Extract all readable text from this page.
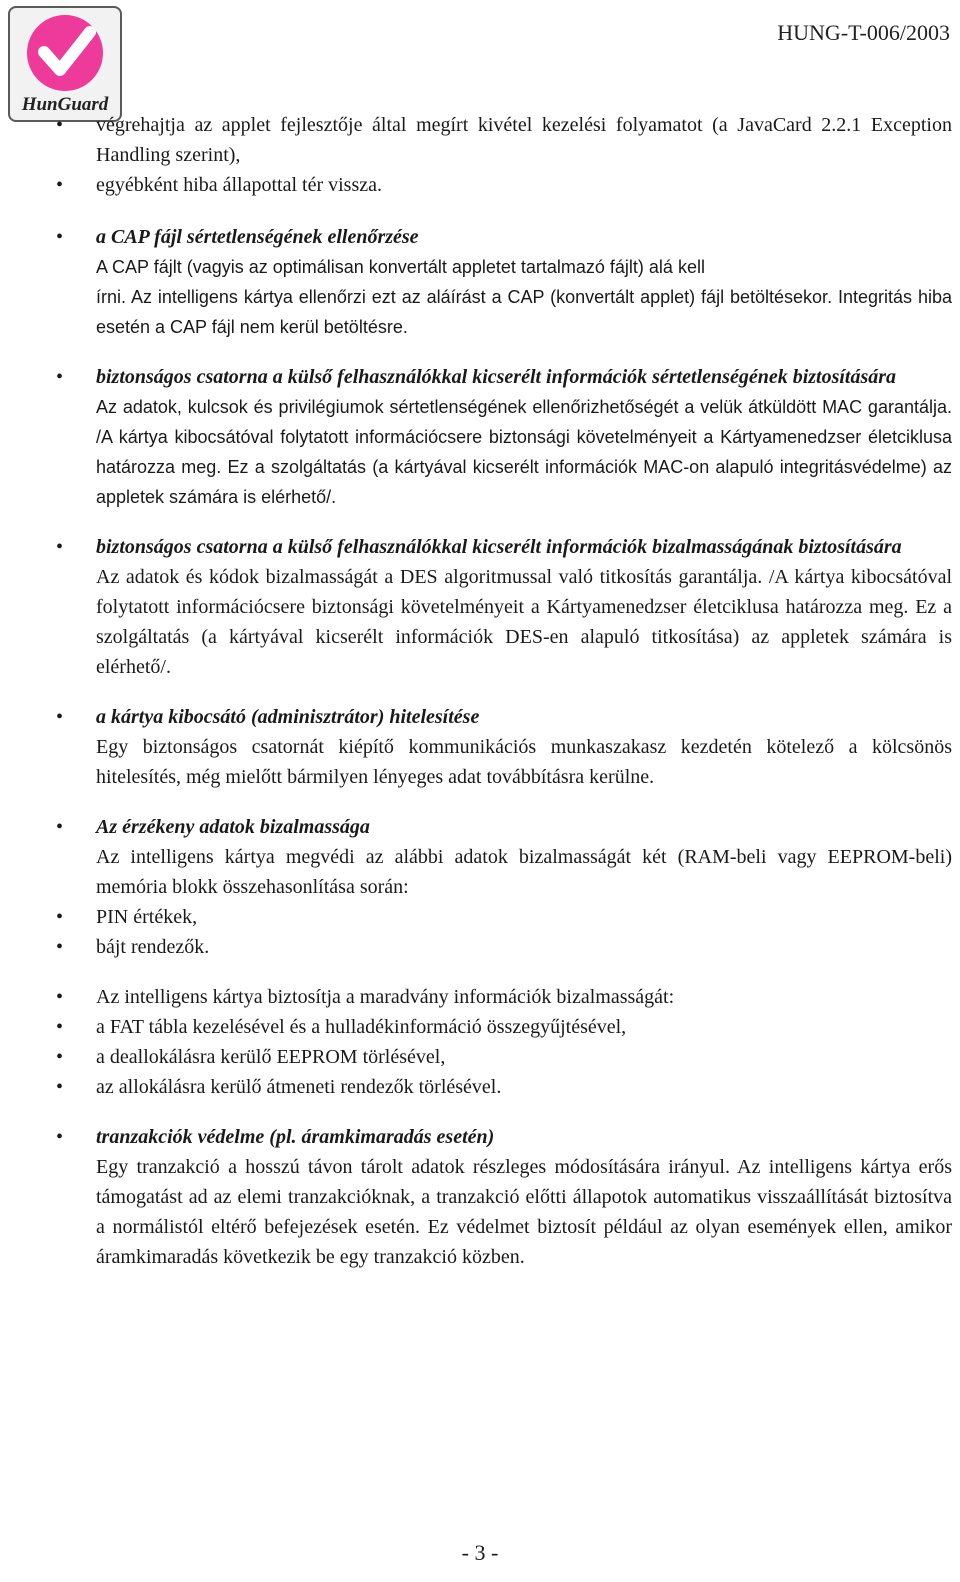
HunGuard
HUNG-T-006/2003
• végrehajtja az applet fejlesztője által megírt kivétel kezelési folyamatot (a JavaCard 2.2.1 Exception Handling szerint),
• egyébként hiba állapottal tér vissza.
• a CAP fájl sértetlenségének ellenőrzése
A CAP fájlt (vagyis az optimálisan konvertált appletet tartalmazó fájlt) alá kell
írni. Az intelligens kártya ellenőrzi ezt az aláírást a CAP (konvertált applet) fájl betöltésekor. Integritás hiba esetén a CAP fájl nem kerül betöltésre.
• biztonságos csatorna a külső felhasználókkal kicserélt információk sértetlenségének biztosítására
Az adatok, kulcsok és privilégiumok sértetlenségének ellenőrizhetőségét a velük átküldött MAC garantálja. /A kártya kibocsátóval folytatott információcsere biztonsági követelményeit a Kártyamenedzser életciklusa határozza meg. Ez a szolgáltatás (a kártyával kicserélt információk MAC-on alapuló integritásvédelme) az appletek számára is elérhető/.
• biztonságos csatorna a külső felhasználókkal kicserélt információk bizalmasságának biztosítására
Az adatok és kódok bizalmasságát a DES algoritmussal való titkosítás garantálja. /A kártya kibocsátóval folytatott információcsere biztonsági követelményeit a Kártyamenedzser életciklusa határozza meg. Ez a szolgáltatás (a kártyával kicserélt információk DES-en alapuló titkosítása) az appletek számára is elérhető/.
• a kártya kibocsátó (adminisztrátor) hitelesítése
Egy biztonságos csatornát kiépítő kommunikációs munkaszakasz kezdetén kötelező a kölcsönös hitelesítés, még mielőtt bármilyen lényeges adat továbbításra kerülne.
• Az érzékeny adatok bizalmassága
Az intelligens kártya megvédi az alábbi adatok bizalmasságát két (RAM-beli vagy EEPROM-beli) memória blokk összehasonlítása során:
• PIN értékek,
• bájt rendezők.
• Az intelligens kártya biztosítja a maradvány információk bizalmasságát:
• a FAT tábla kezelésével és a hulladékinformáció összegyűjtésével,
• a deallokálásra kerülő EEPROM törlésével,
• az allokálásra kerülő átmeneti rendezők törlésével.
• tranzakciók védelme (pl. áramkimaradás esetén)
Egy tranzakció a hosszú távon tárolt adatok részleges módosítására irányul. Az intelligens kártya erős támogatást ad az elemi tranzakcióknak, a tranzakció előtti állapotok automatikus visszaállítását biztosítva a normálistól eltérő befejezések esetén. Ez védelmet biztosít például az olyan események ellen, amikor áramkimaradás következik be egy tranzakció közben.
- 3 -
